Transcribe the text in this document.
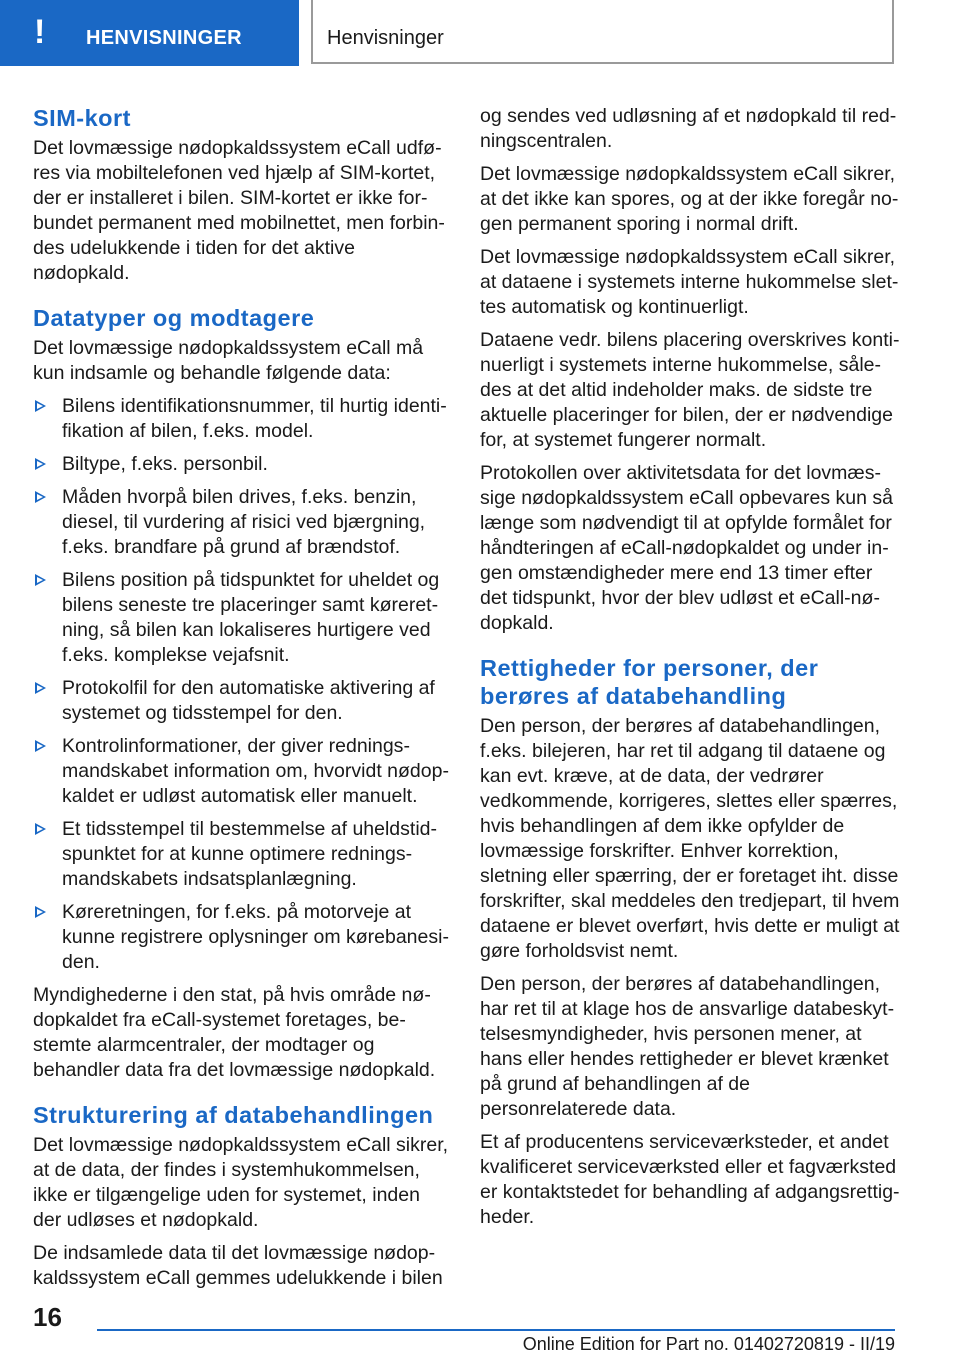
! HENVISNINGER	Henvisninger
SIM-kort

Det lovmæssige nødopkaldssystem eCall udføres via mobiltelefonen ved hjælp af SIM-kortet, der er installeret i bilen. SIM-kortet er ikke forbundet permanent med mobilnettet, men forbindes udelukkende i tiden for det aktive nødopkald.

Datatyper og modtagere

Det lovmæssige nødopkaldssystem eCall må kun indsamle og behandle følgende data:

Bilens identifikationsnummer, til hurtig identifikation af bilen, f.eks. model.
Biltype, f.eks. personbil.
Måden hvorpå bilen drives, f.eks. benzin, diesel, til vurdering af risici ved bjærgning, f.eks. brandfare på grund af brændstof.
Bilens position på tidspunktet for uheldet og bilens seneste tre placeringer samt køreretning, så bilen kan lokaliseres hurtigere ved f.eks. komplekse vejafsnit.
Protokolfil for den automatiske aktivering af systemet og tidsstempel for den.
Kontrolinformationer, der giver redningsmandskabet information om, hvorvidt nødopkaldet er udløst automatisk eller manuelt.
Et tidsstempel til bestemmelse af uheldstidspunktet for at kunne optimere redningsmandskabets indsatsplanlægning.
Køreretningen, for f.eks. på motorveje at kunne registrere oplysninger om kørebanesiden.

Myndighederne i den stat, på hvis område nødopkaldet fra eCall-systemet foretages, bestemte alarmcentraler, der modtager og behandler data fra det lovmæssige nødopkald.

Strukturering af databehandlingen

Det lovmæssige nødopkaldssystem eCall sikrer, at de data, der findes i systemhukommelsen, ikke er tilgængelige uden for systemet, inden der udløses et nødopkald.

De indsamlede data til det lovmæssige nødopkaldssystem eCall gemmes udelukkende i bilen

og sendes ved udløsning af et nødopkald til redningscentralen.

Det lovmæssige nødopkaldssystem eCall sikrer, at det ikke kan spores, og at der ikke foregår nogen permanent sporing i normal drift.

Det lovmæssige nødopkaldssystem eCall sikrer, at dataene i systemets interne hukommelse slettes automatisk og kontinuerligt.

Dataene vedr. bilens placering overskrives kontinuerligt i systemets interne hukommelse, således at det altid indeholder maks. de sidste tre aktuelle placeringer for bilen, der er nødvendige for, at systemet fungerer normalt.

Protokollen over aktivitetsdata for det lovmæssige nødopkaldssystem eCall opbevares kun så længe som nødvendigt til at opfylde formålet for håndteringen af eCall-nødopkaldet og under ingen omstændigheder mere end 13 timer efter det tidspunkt, hvor der blev udløst et eCall-nødopkald.

Rettigheder for personer, der berøres af databehandling

Den person, der berøres af databehandlingen, f.eks. bilejeren, har ret til adgang til dataene og kan evt. kræve, at de data, der vedrører vedkommende, korrigeres, slettes eller spærres, hvis behandlingen af dem ikke opfylder de lovmæssige forskrifter. Enhver korrektion, sletning eller spærring, der er foretaget iht. disse forskrifter, skal meddeles den tredjepart, til hvem dataene er blevet overført, hvis dette er muligt at gøre forholdsvist nemt.

Den person, der berøres af databehandlingen, har ret til at klage hos de ansvarlige databeskyttelsesmyndigheder, hvis personen mener, at hans eller hendes rettigheder er blevet krænket på grund af behandlingen af de personrelaterede data.

Et af producentens serviceværksteder, et andet kvalificeret serviceværksted eller et fagværksted er kontaktstedet for behandling af adgangsrettigheder.

16
Online Edition for Part no. 01402720819 - II/19
